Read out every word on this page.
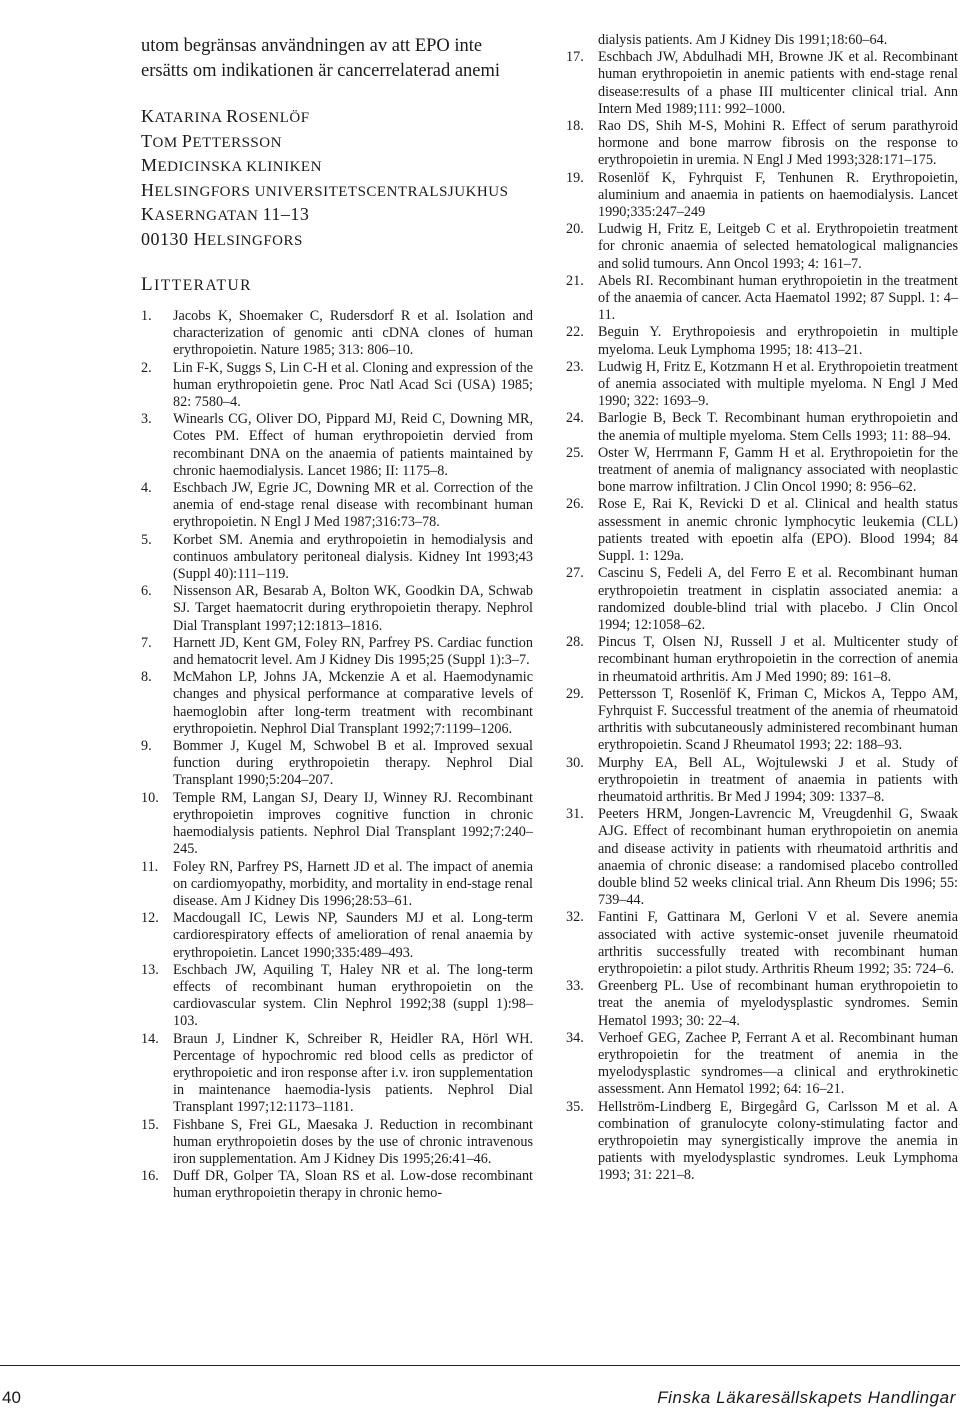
utom begränsas användningen av att EPO inte ersätts om indikationen är cancerrelaterad anemi

KATARINA ROSENLÖF
TOM PETTERSSON
MEDICINSKA KLINIKEN
HELSINGFORS UNIVERSITETSCENTRALSJUKHUS
KASERNGATAN 11–13
00130 HELSINGFORS
LITTERATUR
1.	Jacobs K, Shoemaker C, Rudersdorf R et al. Isolation and characterization of genomic anti cDNA clones of human erythropoietin. Nature 1985; 313: 806–10.
2.	Lin F-K, Suggs S, Lin C-H et al. Cloning and expression of the human erythropoietin gene. Proc Natl Acad Sci (USA) 1985; 82: 7580–4.
3.	Winearls CG, Oliver DO, Pippard MJ, Reid C, Downing MR, Cotes PM. Effect of human erythropoietin dervied from recombinant DNA on the anaemia of patients maintained by chronic haemodialysis. Lancet 1986; II: 1175–8.
4.	Eschbach JW, Egrie JC, Downing MR et al. Correction of the anemia of end-stage renal disease with recombinant human erythropoietin. N Engl J Med 1987;316:73–78.
5.	Korbet SM. Anemia and erythropoietin in hemodialysis and continuos ambulatory peritoneal dialysis. Kidney Int 1993;43 (Suppl 40):111–119.
6.	Nissenson AR, Besarab A, Bolton WK, Goodkin DA, Schwab SJ. Target haematocrit during erythropoietin therapy. Nephrol Dial Transplant 1997;12:1813–1816.
7.	Harnett JD, Kent GM, Foley RN, Parfrey PS. Cardiac function and hematocrit level. Am J Kidney Dis 1995;25 (Suppl 1):3–7.
8.	McMahon LP, Johns JA, Mckenzie A et al. Haemodynamic changes and physical performance at comparative levels of haemoglobin after long-term treatment with recombinant erythropoietin. Nephrol Dial Transplant 1992;7:1199–1206.
9.	Bommer J, Kugel M, Schwobel B et al. Improved sexual function during erythropoietin therapy. Nephrol Dial Transplant 1990;5:204–207.
10.	Temple RM, Langan SJ, Deary IJ, Winney RJ. Recombinant erythropoietin improves cognitive function in chronic haemodialysis patients. Nephrol Dial Transplant 1992;7:240–245.
11.	Foley RN, Parfrey PS, Harnett JD et al. The impact of anemia on cardiomyopathy, morbidity, and mortality in end-stage renal disease. Am J Kidney Dis 1996;28:53–61.
12.	Macdougall IC, Lewis NP, Saunders MJ et al. Long-term cardiorespiratory effects of amelioration of renal anaemia by erythropoietin. Lancet 1990;335:489–493.
13.	Eschbach JW, Aquiling T, Haley NR et al. The long-term effects of recombinant human erythropoietin on the cardiovascular system. Clin Nephrol 1992;38 (suppl 1):98–103.
14.	Braun J, Lindner K, Schreiber R, Heidler RA, Hörl WH. Percentage of hypochromic red blood cells as predictor of erythropoietic and iron response after i.v. iron supplementation in maintenance haemodia-lysis patients. Nephrol Dial Transplant 1997;12:1173–1181.
15.	Fishbane S, Frei GL, Maesaka J. Reduction in recombinant human erythropoietin doses by the use of chronic intravenous iron supplementation. Am J Kidney Dis 1995;26:41–46.
16.	Duff DR, Golper TA, Sloan RS et al. Low-dose recombinant human erythropoietin therapy in chronic hemo-
dialysis patients. Am J Kidney Dis 1991;18:60–64.
17.	Eschbach JW, Abdulhadi MH, Browne JK et al. Recombinant human erythropoietin in anemic patients with end-stage renal disease:results of a phase III multicenter clinical trial. Ann Intern Med 1989;111: 992–1000.
18.	Rao DS, Shih M-S, Mohini R. Effect of serum parathyroid hormone and bone marrow fibrosis on the response to erythropoietin in uremia. N Engl J Med 1993;328:171–175.
19.	Rosenlöf K, Fyhrquist F, Tenhunen R. Erythropoietin, aluminium and anaemia in patients on haemodialysis. Lancet 1990;335:247–249
20.	Ludwig H, Fritz E, Leitgeb C et al. Erythropoietin treatment for chronic anaemia of selected hematological malignancies and solid tumours. Ann Oncol 1993; 4: 161–7.
21.	Abels RI. Recombinant human erythropoietin in the treatment of the anaemia of cancer. Acta Haematol 1992; 87 Suppl. 1: 4–11.
22.	Beguin Y. Erythropoiesis and erythropoietin in multiple myeloma. Leuk Lymphoma 1995; 18: 413–21.
23.	Ludwig H, Fritz E, Kotzmann H et al. Erythropoietin treatment of anemia associated with multiple myeloma. N Engl J Med 1990; 322: 1693–9.
24.	Barlogie B, Beck T. Recombinant human erythropoietin and the anemia of multiple myeloma. Stem Cells 1993; 11: 88–94.
25.	Oster W, Herrmann F, Gamm H et al. Erythropoietin for the treatment of anemia of malignancy associated with neoplastic bone marrow infiltration. J Clin Oncol 1990; 8: 956–62.
26.	Rose E, Rai K, Revicki D et al. Clinical and health status assessment in anemic chronic lymphocytic leukemia (CLL) patients treated with epoetin alfa (EPO). Blood 1994; 84 Suppl. 1: 129a.
27.	Cascinu S, Fedeli A, del Ferro E et al. Recombinant human erythropoietin treatment in cisplatin associated anemia: a randomized double-blind trial with placebo. J Clin Oncol 1994; 12:1058–62.
28.	Pincus T, Olsen NJ, Russell J et al. Multicenter study of recombinant human erythropoietin in the correction of anemia in rheumatoid arthritis. Am J Med 1990; 89: 161–8.
29.	Pettersson T, Rosenlöf K, Friman C, Mickos A, Teppo AM, Fyhrquist F. Successful treatment of the anemia of rheumatoid arthritis with subcutaneously administered recombinant human erythropoietin. Scand J Rheumatol 1993; 22: 188–93.
30.	Murphy EA, Bell AL, Wojtulewski J et al. Study of erythropoietin in treatment of anaemia in patients with rheumatoid arthritis. Br Med J 1994; 309: 1337–8.
31.	Peeters HRM, Jongen-Lavrencic M, Vreugdenhil G, Swaak AJG. Effect of recombinant human erythropoietin on anemia and disease activity in patients with rheumatoid arthritis and anaemia of chronic disease: a randomised placebo controlled double blind 52 weeks clinical trial. Ann Rheum Dis 1996; 55: 739–44.
32.	Fantini F, Gattinara M, Gerloni V et al. Severe anemia associated with active systemic-onset juvenile rheumatoid arthritis successfully treated with recombinant human erythropoietin: a pilot study. Arthritis Rheum 1992; 35: 724–6.
33.	Greenberg PL. Use of recombinant human erythropoietin to treat the anemia of myelodysplastic syndromes. Semin Hematol 1993; 30: 22–4.
34.	Verhoef GEG, Zachee P, Ferrant A et al. Recombinant human erythropoietin for the treatment of anemia in the myelodysplastic syndromes—a clinical and erythrokinetic assessment. Ann Hematol 1992; 64: 16–21.
35.	Hellström-Lindberg E, Birgegård G, Carlsson M et al. A combination of granulocyte colony-stimulating factor and erythropoietin may synergistically improve the anemia in patients with myelodysplastic syndromes. Leuk Lymphoma 1993; 31: 221–8.
40	Finska Läkaresällskapets Handlingar
